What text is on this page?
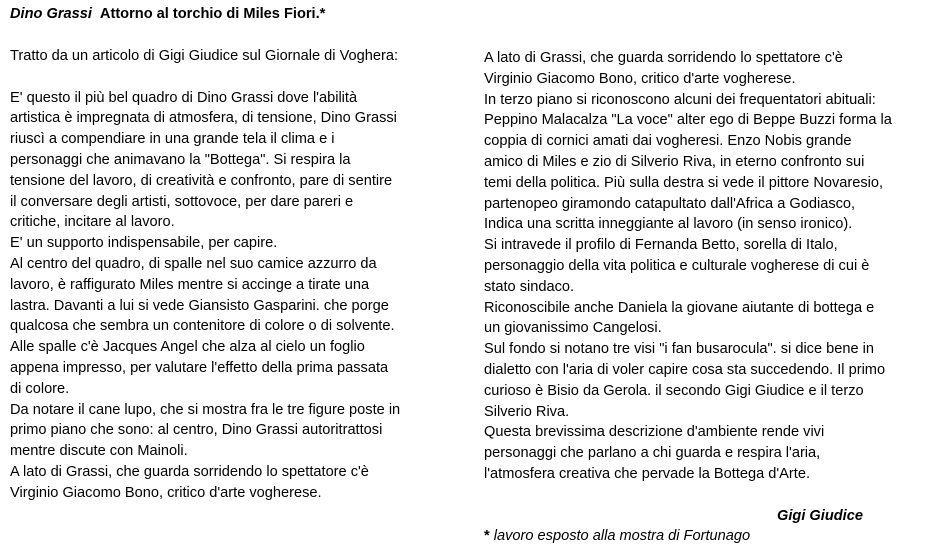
Dino Grassi Attorno al torchio di Miles Fiori.*
Tratto da un articolo di Gigi Giudice sul Giornale di Voghera:
E' questo il più bel quadro di Dino Grassi dove l'abilità
artistica è impregnata di atmosfera, di tensione, Dino Grassi
riuscì a compendiare in una grande tela il clima e i
personaggi che animavano la "Bottega". Si respira la
tensione del lavoro, di creatività e confronto, pare di sentire
il conversare degli artisti, sottovoce, per dare pareri e
critiche, incitare al lavoro.
E' un supporto indispensabile, per capire.
Al centro del quadro, di spalle nel suo camice azzurro da
lavoro, è raffigurato Miles mentre si accinge a tirate una
lastra. Davanti a lui si vede Giansisto Gasparini. che porge
qualcosa che sembra un contenitore di colore o di solvente.
Alle spalle c'è Jacques Angel che alza al cielo un foglio
appena impresso, per valutare l'effetto della prima passata
di colore.
Da notare il cane lupo, che si mostra fra le tre figure poste in
primo piano che sono: al centro, Dino Grassi autoritrattosi
mentre discute con Mainoli.
A lato di Grassi, che guarda sorridendo lo spettatore c'è
Virginio Giacomo Bono, critico d'arte vogherese.
A lato di Grassi, che guarda sorridendo lo spettatore c'è
Virginio Giacomo Bono, critico d'arte vogherese.
In terzo piano si riconoscono alcuni dei frequentatori abituali:
Peppino Malacalza "La voce" alter ego di Beppe Buzzi forma la
coppia di cornici amati dai vogheresi. Enzo Nobis grande
amico di Miles e zio di Silverio Riva, in eterno confronto sui
temi della politica. Più sulla destra si vede il pittore Novaresio,
partenopeo giramondo catapultato dall'Africa a Godiasco,
Indica una scritta inneggiante al lavoro (in senso ironico).
Si intravede il profilo di Fernanda Betto, sorella di Italo,
personaggio della vita politica e culturale vogherese di cui è
stato sindaco.
Riconoscibile anche Daniela la giovane aiutante di bottega e
un giovanissimo Cangelosi.
Sul fondo si notano tre visi "i fan busarocula". si dice bene in
dialetto con l'aria di voler capire cosa sta succedendo. Il primo
curioso è Bisio da Gerola. il secondo Gigi Giudice e il terzo
Silverio Riva.
Questa brevissima descrizione d'ambiente rende vivi
personaggi che parlano a chi guarda e respira l'aria,
l'atmosfera creativa che pervade la Bottega d'Arte.
Gigi Giudice
* lavoro esposto alla mostra di Fortunago
